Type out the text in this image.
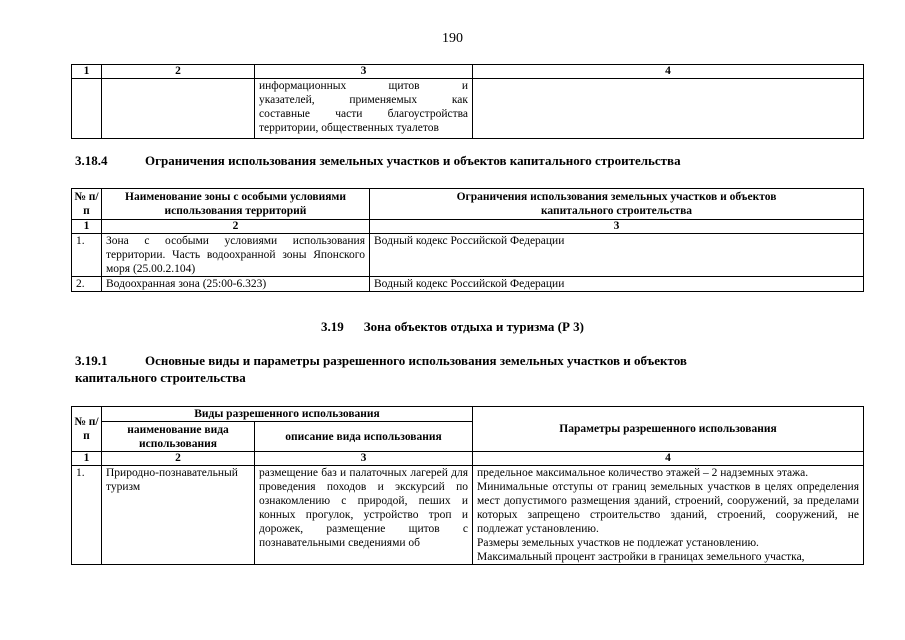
190
1	2	3	4

		информационных щитов и
указателей, применяемых как
составные части благоустройства
территории, общественных туалетов	

3.18.4	Ограничения использования земельных участков и объектов капитального строительства
№ п/п	Наименование зоны с особыми условиями использования территорий	Ограничения использования земельных участков и объектов капитального строительства
1	2	3
1.	Зона с особыми условиями использования территории. Часть водоохранной зоны Японского моря (25.00.2.104)	Водный кодекс Российской Федерации
2.	Водоохранная зона (25:00-6.323)	Водный кодекс Российской Федерации
3.19 Зона объектов отдыха и туризма (Р 3)
3.19.1	Основные виды и параметры разрешенного использования земельных участков и объектов
капитального строительства
№ п/п	Виды разрешенного использования		Параметры разрешенного использования
	наименование вида использования	описание вида использования	
1	2	3	4
1.	Природно-познавательный туризм	размещение баз и палаточных лагерей для проведения походов и экскурсий по ознакомлению с природой, пеших и конных прогулок, устройство троп и дорожек, размещение щитов с познавательными сведениями об	предельное максимальное количество этажей – 2 надземных этажа.

Минимальные отступы от границ земельных участков в целях определения мест допустимого размещения зданий, строений, сооружений, за пределами которых запрещено строительство зданий, строений, сооружений, не подлежат установлению.

Размеры земельных участков не подлежат установлению.

Максимальный процент застройки в границах земельного участка,
